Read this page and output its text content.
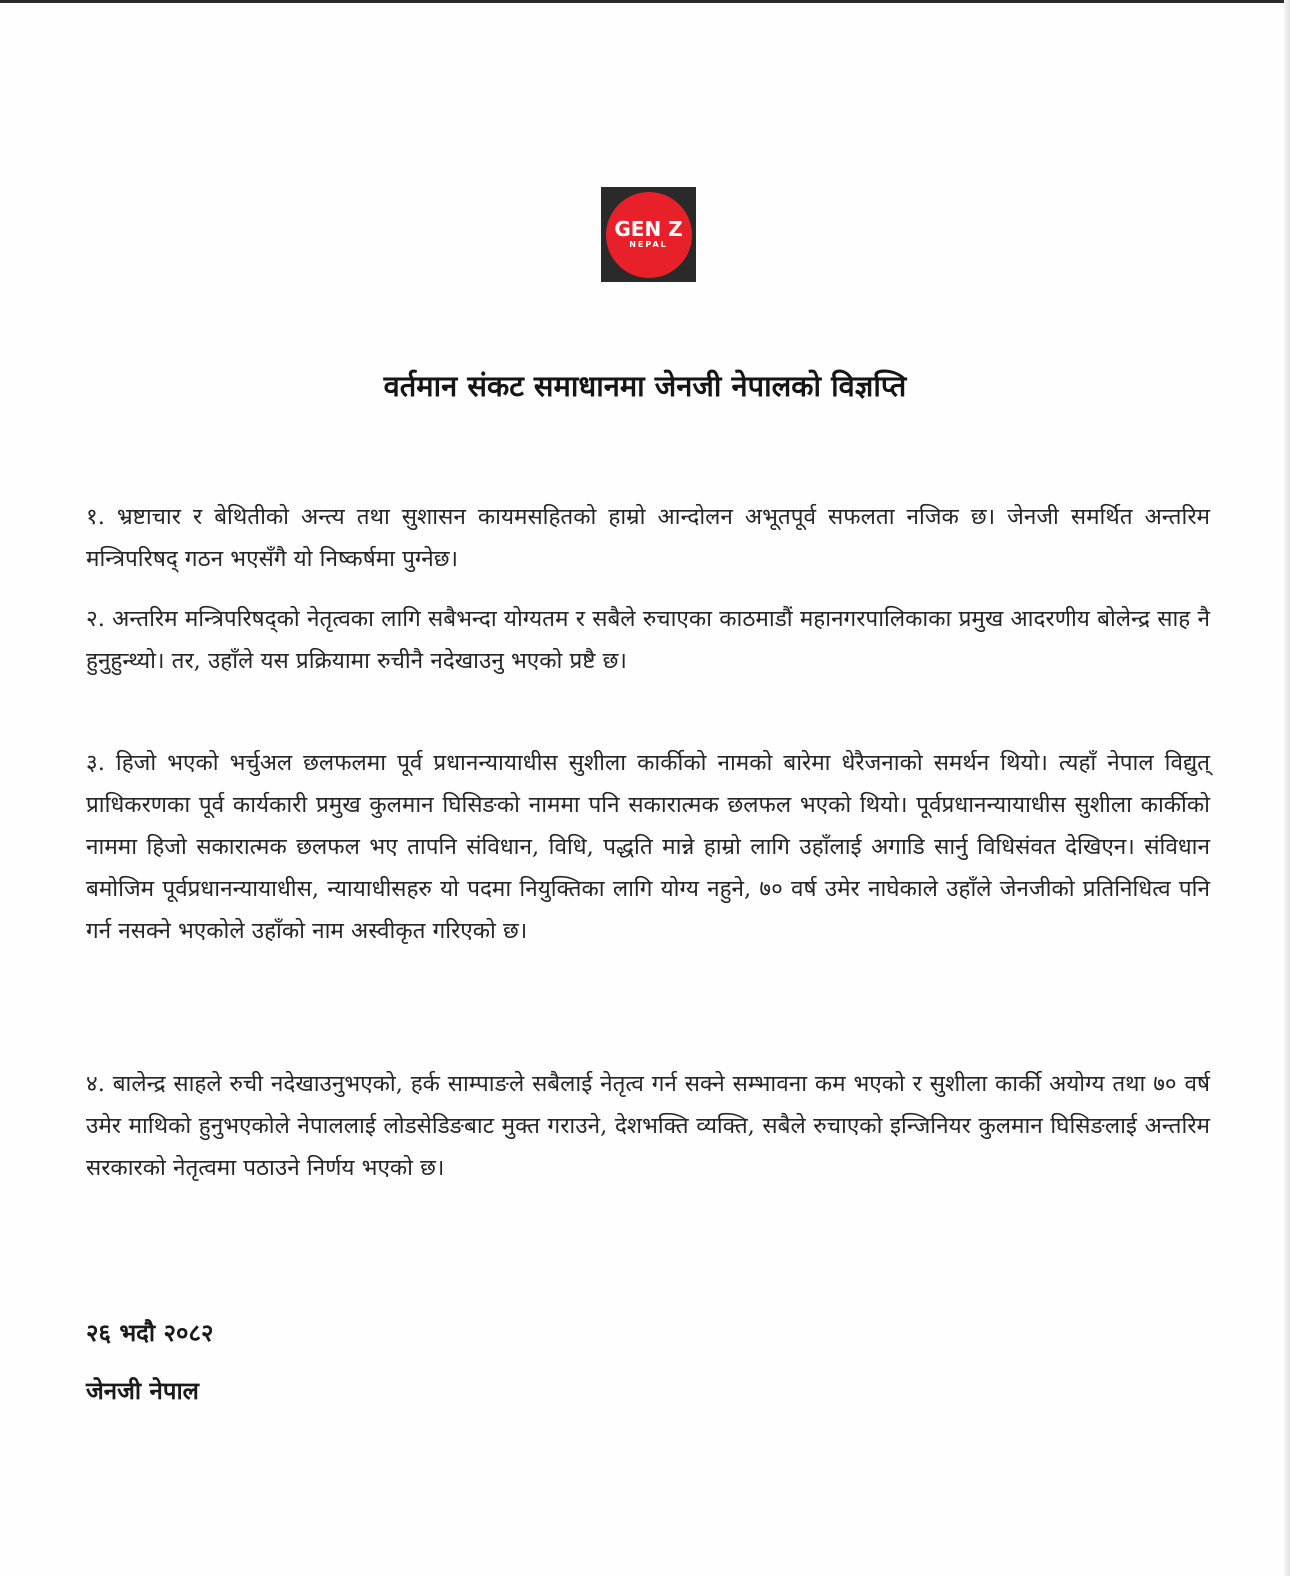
GEN Z
NEPAL
वर्तमान संकट समाधानमा जेनजी नेपालको विज्ञप्ति

१. भ्रष्टाचार र बेथितीको अन्त्य तथा सुशासन कायमसहितको हाम्रो आन्दोलन अभूतपूर्व सफलता नजिक छ। जेनजी समर्थित अन्तरिम मन्त्रिपरिषद् गठन भएसँगै यो निष्कर्षमा पुग्नेछ।

२. अन्तरिम मन्त्रिपरिषद्को नेतृत्वका लागि सबैभन्दा योग्यतम र सबैले रुचाएका काठमाडौं महानगरपालिकाका प्रमुख आदरणीय बोलेन्द्र साह नै हुनुहुन्थ्यो। तर, उहाँले यस प्रक्रियामा रुचीनै नदेखाउनु भएको प्रष्टै छ।

३. हिजो भएको भर्चुअल छलफलमा पूर्व प्रधानन्यायाधीस सुशीला कार्कीको नामको बारेमा धेरैजनाको समर्थन थियो। त्यहाँ नेपाल विद्युत् प्राधिकरणका पूर्व कार्यकारी प्रमुख कुलमान घिसिङको नाममा पनि सकारात्मक छलफल भएको थियो। पूर्वप्रधानन्यायाधीस सुशीला कार्कीको नाममा हिजो सकारात्मक छलफल भए तापनि संविधान, विधि, पद्धति मान्ने हाम्रो लागि उहाँलाई अगाडि सार्नु विधिसंवत देखिएन। संविधान बमोजिम पूर्वप्रधानन्यायाधीस, न्यायाधीसहरु यो पदमा नियुक्तिका लागि योग्य नहुने, ७० वर्ष उमेर नाघेकाले उहाँले जेनजीको प्रतिनिधित्व पनि गर्न नसक्ने भएकोले उहाँको नाम अस्वीकृत गरिएको छ।

४. बालेन्द्र साहले रुची नदेखाउनुभएको, हर्क साम्पाङले सबैलाई नेतृत्व गर्न सक्ने सम्भावना कम भएको र सुशीला कार्की अयोग्य तथा ७० वर्ष उमेर माथिको हुनुभएकोले नेपाललाई लोडसेडिङबाट मुक्त गराउने, देशभक्ति व्यक्ति, सबैले रुचाएको इन्जिनियर कुलमान घिसिङलाई अन्तरिम सरकारको नेतृत्वमा पठाउने निर्णय भएको छ।

२६ भदौ २०८२
जेनजी नेपाल
